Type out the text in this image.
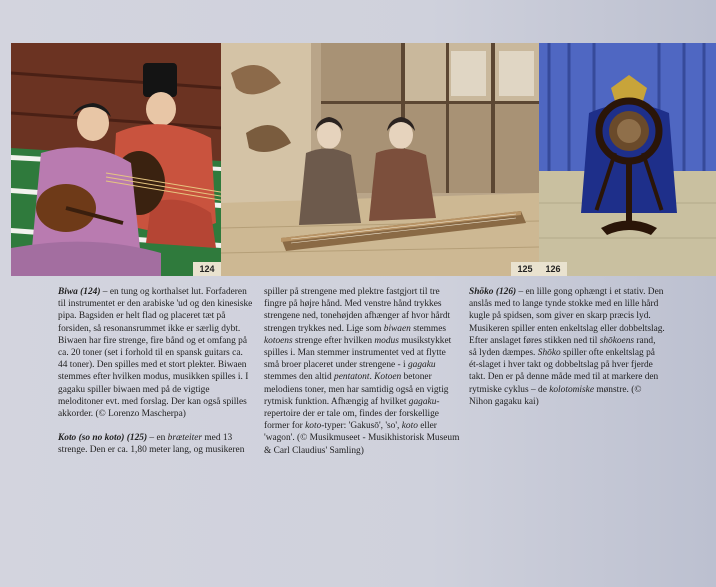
124	125	126

Biwa (124) – en tung og korthalset lut. Forfaderen til instrumentet er den arabiske 'ud og den kinesiske pipa. Bagsiden er helt flad og placeret tæt på forsiden, så resonansrummet ikke er særlig dybt. Biwaen har fire strenge, fire bånd og et omfang på ca. 20 toner (set i forhold til en spansk guitars ca. 44 toner). Den spilles med et stort plekter. Biwaen stemmes efter hvilken modus, musikken spilles i. I gagaku spiller biwaen med på de vigtige meloditoner evt. med forslag. Der kan også spilles akkorder. (© Lorenzo Mascherpa)

Koto (so no koto) (125) – en bræteiter med 13 strenge. Den er ca. 1,80 meter lang, og musikeren

spiller på strengene med plektre fastgjort til tre fingre på højre hånd. Med venstre hånd trykkes strengene ned, tonehøjden afhænger af hvor hårdt strengen trykkes ned. Lige som biwaen stemmes kotoens strenge efter hvilken modus musikstykket spilles i. Man stemmer instrumentet ved at flytte små broer placeret under strengene - i gagaku stemmes den altid pentatont. Kotoen betoner melodiens toner, men har samtidig også en vigtig rytmisk funktion. Afhængig af hvilket gagaku-repertoire der er tale om, findes der forskellige former for koto-typer: 'Gakusō', 'so', koto eller 'wagon'. (© Musikmuseet - Musikhistorisk Museum & Carl Claudius' Samling)

Shōko (126) – en lille gong ophængt i et stativ. Den anslås med to lange tynde stokke med en lille hård kugle på spidsen, som giver en skarp præcis lyd. Musikeren spiller enten enkeltslag eller dobbeltslag. Efter anslaget føres stikken ned til shōkoens rand, så lyden dæmpes. Shōko spiller ofte enkeltslag på ét-slaget i hver takt og dobbeltslag på hver fjerde takt. Den er på denne måde med til at markere den rytmiske cyklus – de kolotomiske mønstre. (© Nihon gagaku kai)
